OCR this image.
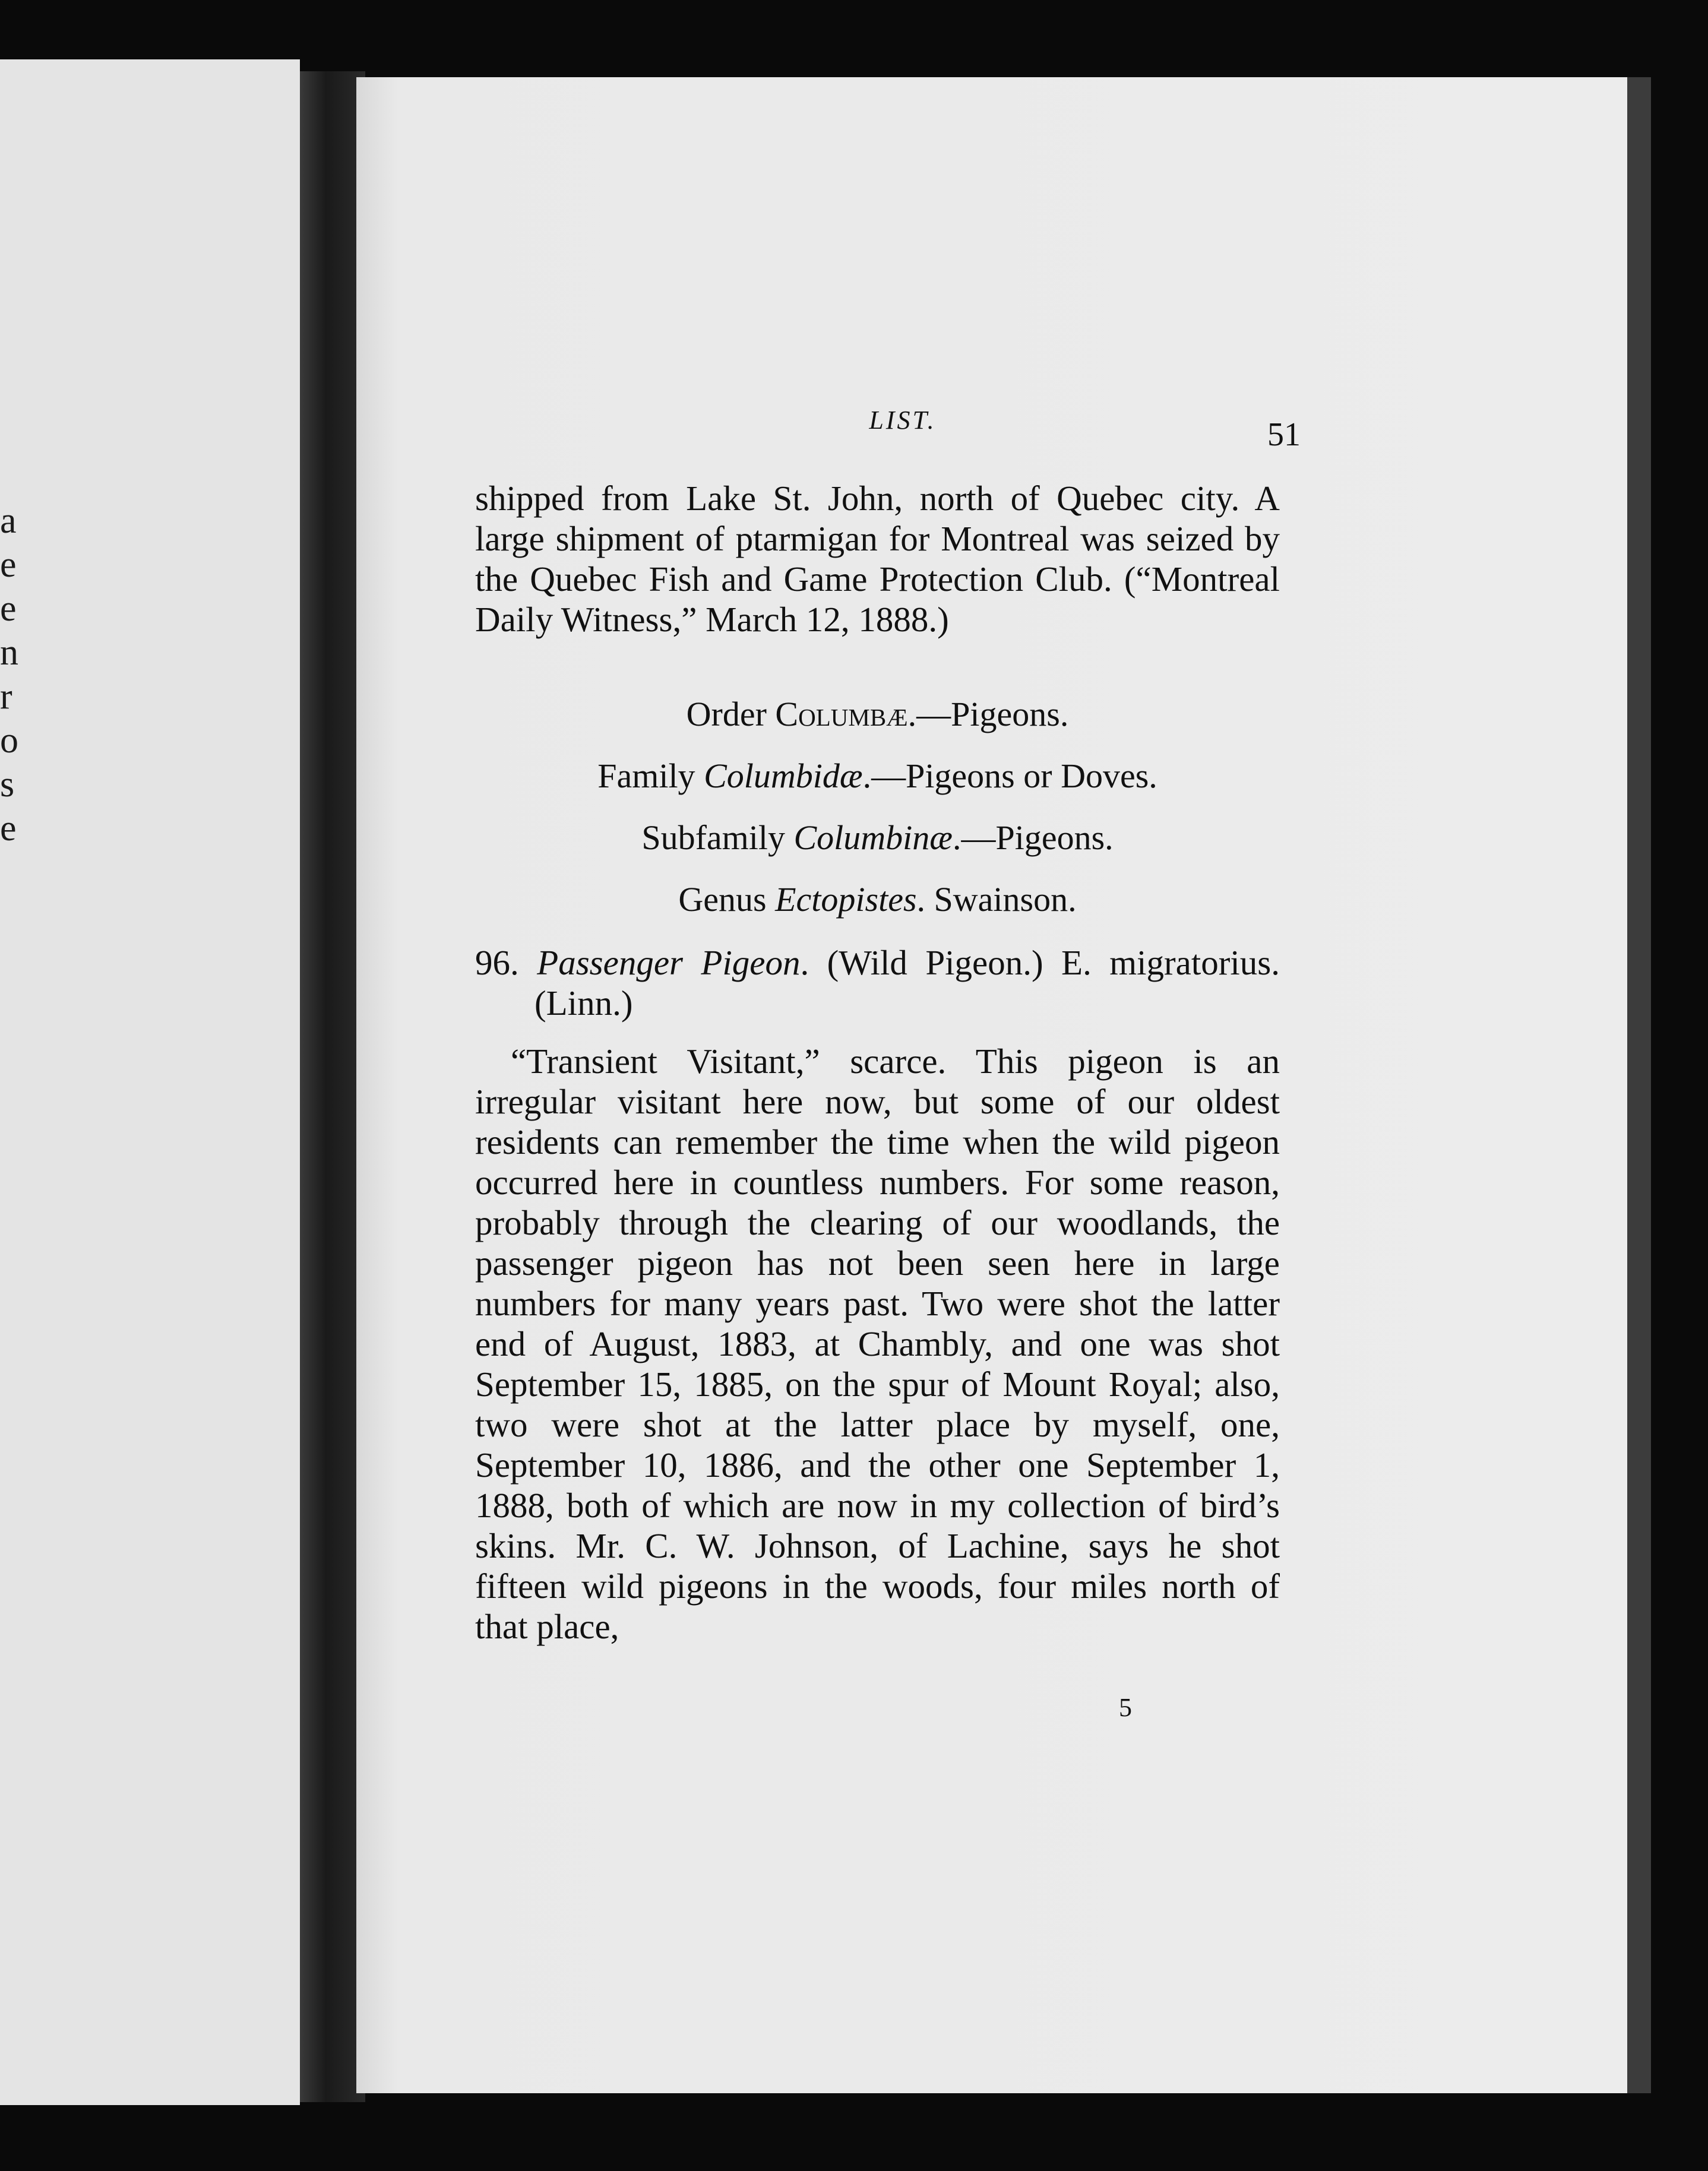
a
e
e
n
r
o
s
e
LIST.	51

shipped from Lake St. John, north of Quebec city. A large shipment of ptarmigan for Montreal was seized by the Quebec Fish and Game Protection Club. (“Montreal Daily Witness,” March 12, 1888.)

Order Columbæ.—Pigeons.

Family Columbidæ.—Pigeons or Doves.

Subfamily Columbinæ.—Pigeons.

Genus Ectopistes. Swainson.

96. Passenger Pigeon. (Wild Pigeon.) E. migratorius. (Linn.)

“Transient Visitant,” scarce. This pigeon is an irregular visitant here now, but some of our oldest residents can remember the time when the wild pigeon occurred here in countless numbers. For some reason, probably through the clearing of our woodlands, the passenger pigeon has not been seen here in large numbers for many years past. Two were shot the latter end of August, 1883, at Chambly, and one was shot September 15, 1885, on the spur of Mount Royal; also, two were shot at the latter place by myself, one, September 10, 1886, and the other one September 1, 1888, both of which are now in my collection of bird’s skins. Mr. C. W. Johnson, of Lachine, says he shot fifteen wild pigeons in the woods, four miles north of that place,

5
